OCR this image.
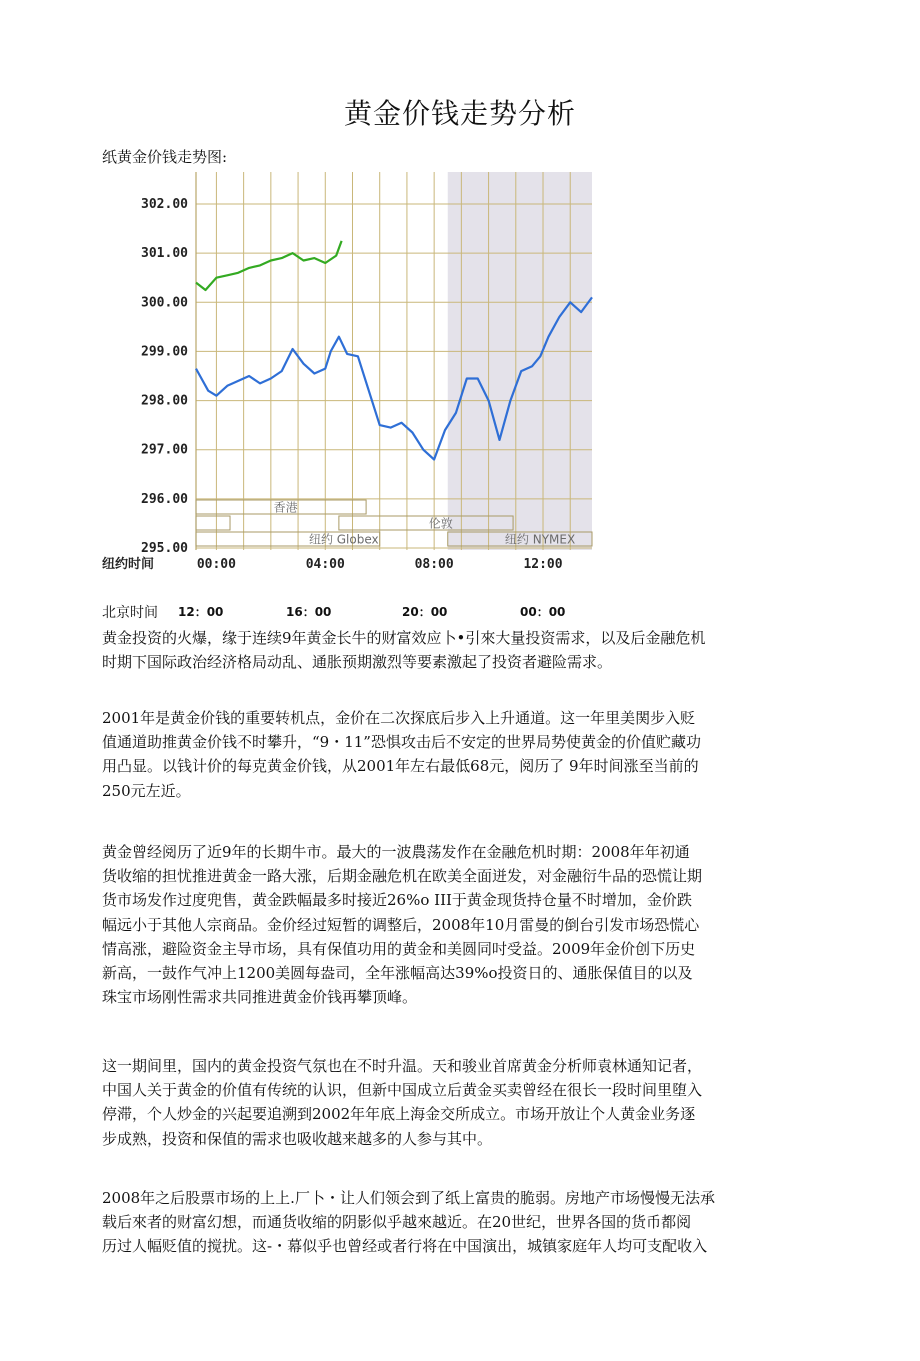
黄金价钱走势分析
纸黄金价钱走势图:
302.00
301.00
300.00
299.00
298.00
297.00
296.00
295.00
纽约时间	00:00	04:00	08:00	12:00
香港
伦敦
纽约 Globex	纽约 NYMEX
北京时间 12：00	16：00	20：00	00：00
黄金投资的火爆，缘于连续9年黄金长牛的财富效应卜•引來大量投资需求，以及后金融危机
时期下国际政治经济格局动乱、通胀预期激烈等要素激起了投资者避险需求。
2001年是黄金价钱的重要转机点，金价在二次探底后步入上升通道。这一年里美関步入贬
值通道助推黄金价钱不时攀升，“9・11”恐惧攻击后不安定的世界局势使黄金的价值贮藏功
用凸显。以钱计价的每克黄金价钱，从2001年左右最低68元，阅历了 9年时间涨至当前的
250元左近。
黄金曾经阅历了近9年的长期牛市。最大的一波農荡发作在金融危机时期：2008年年初通
货收缩的担忧推进黄金一路大涨，后期金融危机在欧美全面迸发，对金融衍牛品的恐慌让期
货市场发作过度兜售，黄金跌幅最多时接近26%o III于黄金现货持仓量不时增加，金价跌
幅远小于其他人宗商品。金价经过短暂的调整后，2008年10月雷曼的倒台引发市场恐慌心
情高涨，避险资金主导市场，具有保值功用的黄金和美圆同吋受益。2009年金价创下历史
新高，一鼓作气冲上1200美圆每盎司，全年涨幅高达39%o投资日的、通胀保值目的以及
珠宝市场刚性需求共同推进黄金价钱再攀顶峰。
这一期间里，国内的黄金投资气氛也在不时升温。天和骏业首席黄金分析师袁林通知记者，
中国人关于黄金的价值有传统的认识，但新中国成立后黄金买卖曾经在很长一段时间里堕入
停滞，个人炒金的兴起要追溯到2002年年底上海金交所成立。市场开放让个人黄金业务逐
步成熟，投资和保值的需求也吸收越来越多的人参与其中。
2008年之后股票市场的上上.厂卜・让人们领会到了纸上富贵的脆弱。房地产市场慢慢无法承
载后來者的财富幻想，而通货收缩的阴影似乎越來越近。在20世纪，世界各国的货币都阅
历过人幅贬值的搅扰。这-・幕似乎也曾经或者行将在中国演出，城镇家庭年人均可支配收入
